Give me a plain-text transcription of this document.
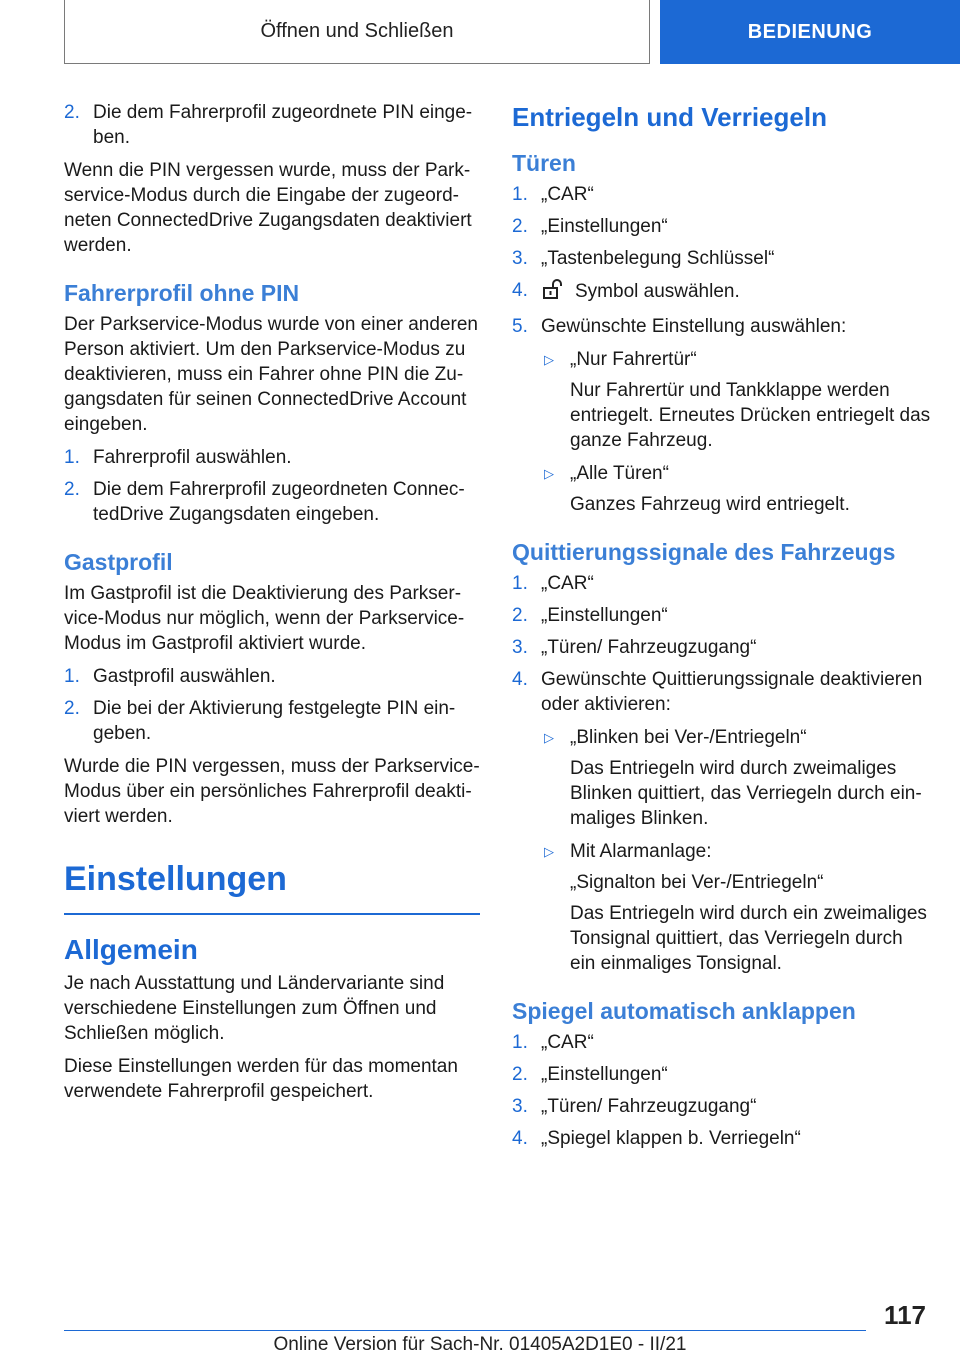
Öffnen und Schließen	BEDIENUNG
2. Die dem Fahrerprofil zugeordnete PIN einge‐ben.

Wenn die PIN vergessen wurde, muss der Park‐service-Modus durch die Eingabe der zugeord‐neten ConnectedDrive Zugangsdaten deaktiviert werden.

Fahrerprofil ohne PIN

Der Parkservice-Modus wurde von einer anderen Person aktiviert. Um den Parkservice-Modus zu deaktivieren, muss ein Fahrer ohne PIN die Zu‐gangsdaten für seinen ConnectedDrive Account eingeben.

1. Fahrerprofil auswählen.
2. Die dem Fahrerprofil zugeordneten Connec‐tedDrive Zugangsdaten eingeben.
Gastprofil

Im Gastprofil ist die Deaktivierung des Parkser‐vice-Modus nur möglich, wenn der Parkservice-Modus im Gastprofil aktiviert wurde.

1. Gastprofil auswählen.
2. Die bei der Aktivierung festgelegte PIN ein‐geben.

Wurde die PIN vergessen, muss der Parkservice-Modus über ein persönliches Fahrerprofil deakti‐viert werden.

Einstellungen
Allgemein

Je nach Ausstattung und Ländervariante sind verschiedene Einstellungen zum Öffnen und Schließen möglich.

Diese Einstellungen werden für das momentan verwendete Fahrerprofil gespeichert.

Entriegeln und Verriegeln
Türen
1. „CAR“
2. „Einstellungen“
3. „Tastenbelegung Schlüssel“
4. Symbol auswählen.
5. Gewünschte Einstellung auswählen:
▷ „Nur Fahrertür“

Nur Fahrertür und Tankklappe werden entriegelt. Erneutes Drücken entriegelt das ganze Fahrzeug.

▷ „Alle Türen“

Ganzes Fahrzeug wird entriegelt.

Quittierungssignale des Fahrzeugs
1. „CAR“
2. „Einstellungen“
3. „Türen/ Fahrzeugzugang“
4. Gewünschte Quittierungssignale deaktivieren oder aktivieren:
▷ „Blinken bei Ver-/Entriegeln“

Das Entriegeln wird durch zweimaliges Blinken quittiert, das Verriegeln durch ein‐maliges Blinken.

▷ Mit Alarmanlage:

„Signalton bei Ver-/Entriegeln“

Das Entriegeln wird durch ein zweimaliges Tonsignal quittiert, das Verriegeln durch ein einmaliges Tonsignal.

Spiegel automatisch anklappen
1. „CAR“
2. „Einstellungen“
3. „Türen/ Fahrzeugzugang“
4. „Spiegel klappen b. Verriegeln“
117
Online Version für Sach-Nr. 01405A2D1E0 - II/21
